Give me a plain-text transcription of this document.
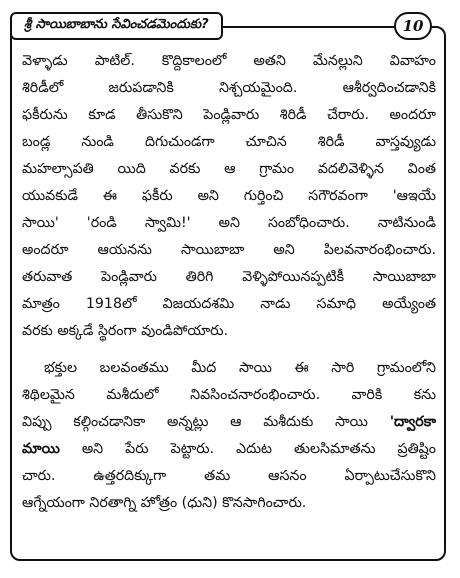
శ్రీ సాయిబాబాను సేవించడమెందుకు?	10

వెళ్ళాడు పాటిల్. కొద్దికాలంలో అతని మేనల్లుని వివాహం
శిరిడీలో జరుపడానికి నిశ్చయమైంది. ఆశీర్వదించడానికి
ఫకీరును కూడ తీసుకొని పెండ్లివారు శిరిడీ చేరారు. అందరూ
బండ్ల నుండి దిగుచుండగా చూచిన శిరిడీ వాస్తవ్యుడు
మహల్సాపతి యిది వరకు ఆ గ్రామం వదలివెళ్ళిన వింత
యువకుడే ఈ ఫకీరు అని గుర్తించి సగౌరవంగా 'ఆఇయే
సాయి' 'రండి స్వామి!' అని సంబోధించారు. నాటినుండి
అందరూ ఆయనను సాయిబాబా అని పిలవనారంభించారు.
తరువాత పెండ్లివారు తిరిగి వెళ్ళిపోయినప్పటికీ సాయిబాబా
మాత్రం 1918లో విజయదశమి నాడు సమాధి అయ్యేంత
వరకు అక్కడే స్థిరంగా వుండిపోయారు.

భక్తుల బలవంతము మీద సాయి ఈ సారి గ్రామంలోని
శిథిలమైన మశీదులో నివసించనారంభించారు. వారికి కను
విప్పు కల్గించడానికా అన్నట్లు ఆ మశీదుకు సాయి 'ద్వారకా
మాయి అని పేరు పెట్టారు. ఎదుట తులసిమాతను ప్రతిష్టిం
చారు. ఉత్తరదిక్కుగా తమ ఆసనం ఏర్పాటుచేసుకొని
ఆగ్నేయంగా నిరతాగ్ని హోత్రం (ధుని) కొనసాగించారు.
